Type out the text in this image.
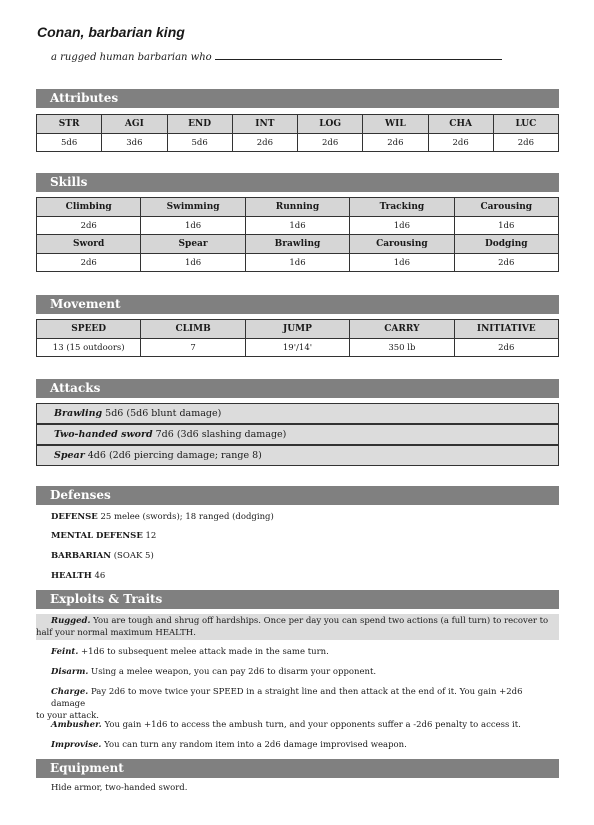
Conan, barbarian king
a rugged human barbarian who
Attributes
STR	AGI	END	INT	LOG	WIL	CHA	LUC
5d6	3d6	5d6	2d6	2d6	2d6	2d6	2d6
Skills
Climbing	Swimming	Running	Tracking	Carousing
2d6	1d6	1d6	1d6	1d6
Sword	Spear	Brawling	Carousing	Dodging
2d6	1d6	1d6	1d6	2d6
Movement
SPEED	CLIMB	JUMP	CARRY	INITIATIVE
13 (15 outdoors)	7	19'/14'	350 lb	2d6
Attacks
Brawling 5d6 (5d6 blunt damage)
Two-handed sword 7d6 (3d6 slashing damage)
Spear 4d6 (2d6 piercing damage; range 8)
Defenses
DEFENSE 25 melee (swords); 18 ranged (dodging)
MENTAL DEFENSE 12
BARBARIAN (SOAK 5)
HEALTH 46
Exploits & Traits
Rugged. You are tough and shrug off hardships. Once per day you can spend two actions (a full turn) to recover to
half your normal maximum HEALTH.
Feint. +1d6 to subsequent melee attack made in the same turn.
Disarm. Using a melee weapon, you can pay 2d6 to disarm your opponent.
Charge. Pay 2d6 to move twice your SPEED in a straight line and then attack at the end of it. You gain +2d6 damage
to your attack.
Ambusher. You gain +1d6 to access the ambush turn, and your opponents suffer a -2d6 penalty to access it.
Improvise. You can turn any random item into a 2d6 damage improvised weapon.
Equipment
Hide armor, two-handed sword.
